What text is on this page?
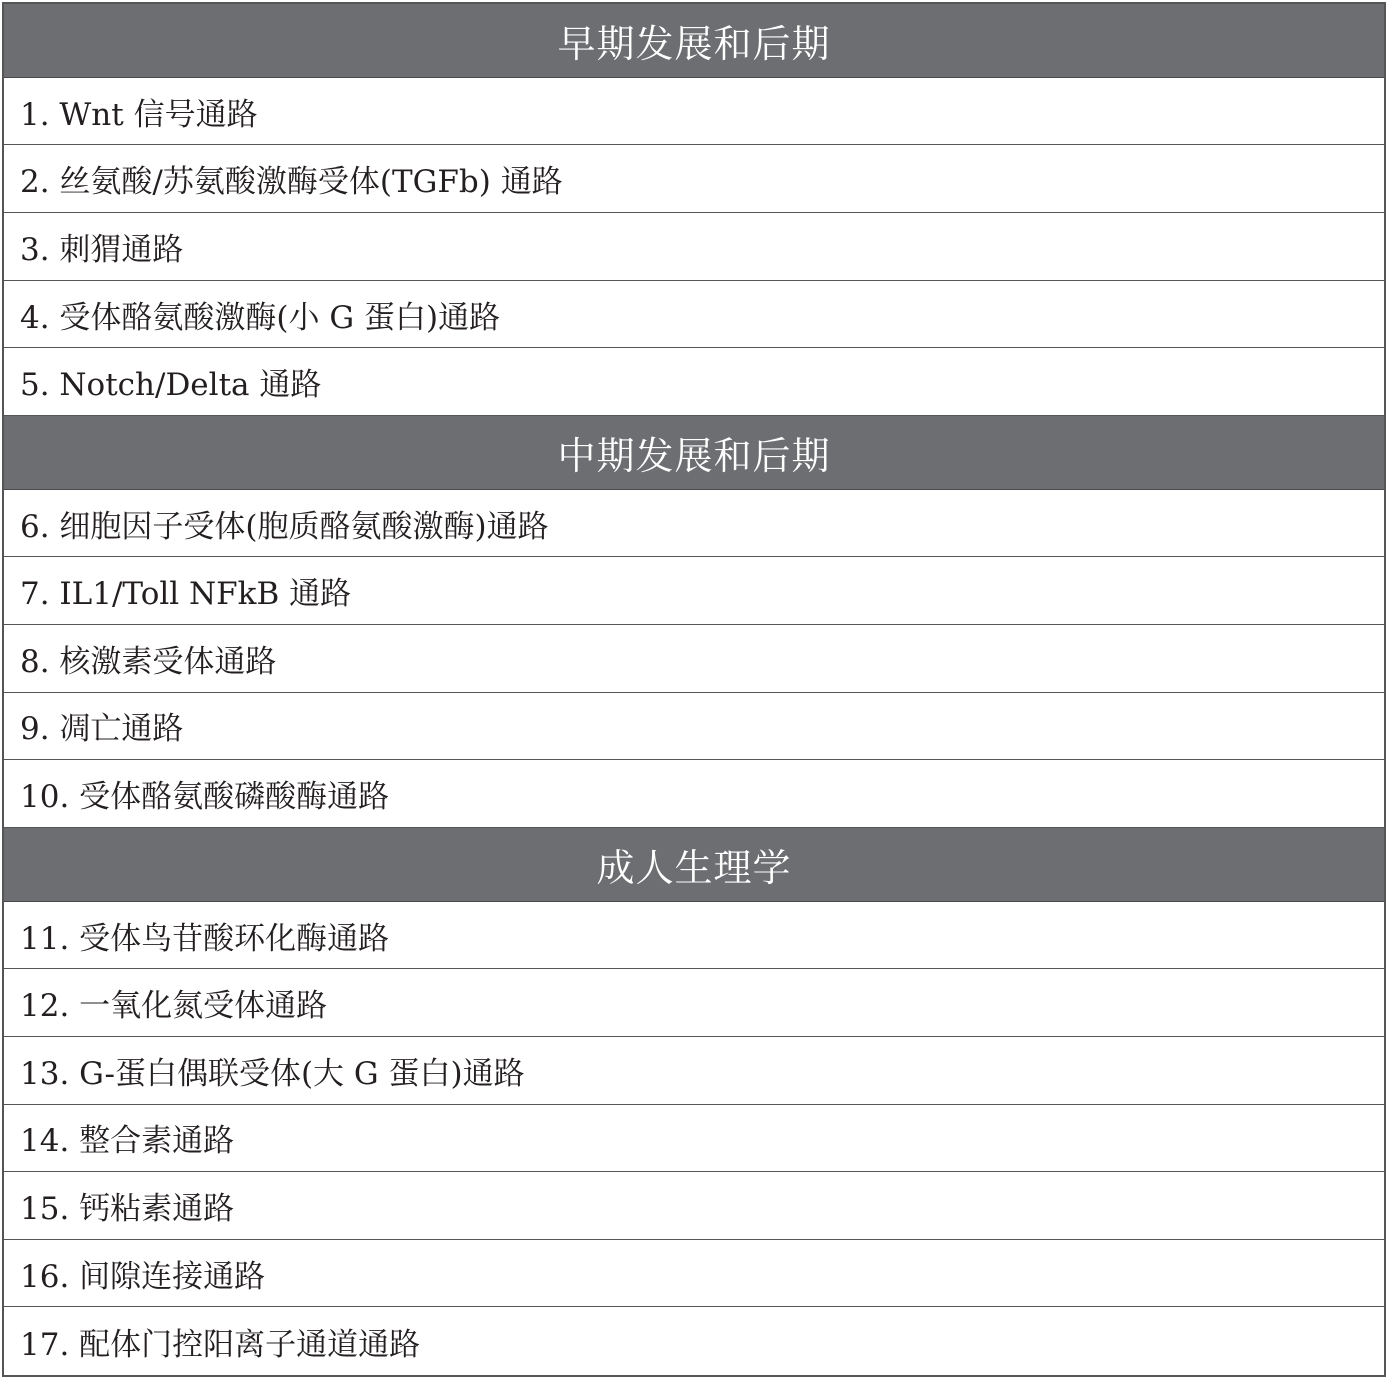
早期发展和后期
1. Wnt 信号通路
2. 丝氨酸/苏氨酸激酶受体(TGFb) 通路
3. 刺猬通路
4. 受体酪氨酸激酶(小 G 蛋白)通路
5. Notch/Delta 通路
中期发展和后期
6. 细胞因子受体(胞质酪氨酸激酶)通路
7. IL1/Toll NFkB 通路
8. 核激素受体通路
9. 凋亡通路
10. 受体酪氨酸磷酸酶通路
成人生理学
11. 受体鸟苷酸环化酶通路
12. 一氧化氮受体通路
13. G-蛋白偶联受体(大 G 蛋白)通路
14. 整合素通路
15. 钙粘素通路
16. 间隙连接通路
17. 配体门控阳离子通道通路
